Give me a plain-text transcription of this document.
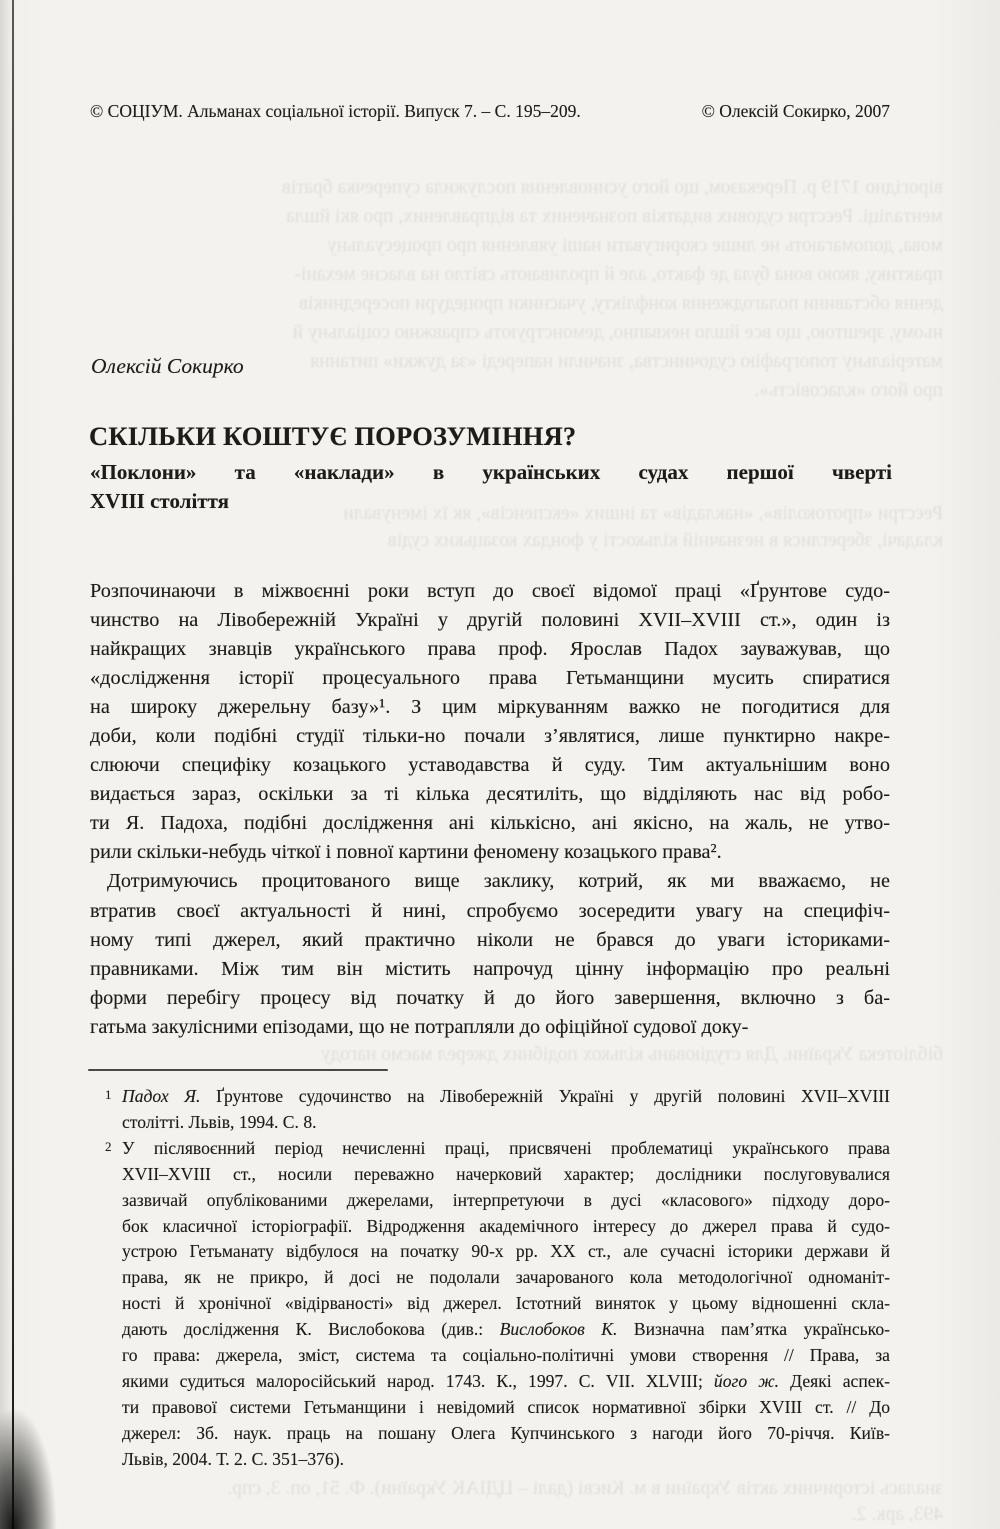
вірогідно 1719 р. Переказом, що його усиновлення послужила суперечка братів
менталіці. Реєстри судових видатків позначених та відправлених, про які йшла
мова, допомагають не лише скоригувати наші уявлення про процесуальну
практику, якою вона була де факто, але й проливають світло на власне механі-
дення обставини полагодження конфлікту, учасники процедури посередників
ньому, зрештою, що все йшло неквапно, демонструють справжню соціальну й
матеріальну топографію судочинства, значили напереді «за дужки» питання
про його «класовість».
Реєстри «протоколів», «накладів» та інших «експенсів», як їх іменували
кладачі, збереглися в незначній кількості у фондах козацьких судів
бібліотека України. Для студіювань кількох подібних джерел маємо нагоду
зналась історичних актів України в м. Києві (далі – ЦДІАК України). Ф. 51, оп. 3, спр.
493, арк. 2.
© СОЦІУМ. Альманах соціальної історії. Випуск 7. – С. 195–209.	© Олексій Сокирко, 2007
Олексій Сокирко
СКІЛЬКИ КОШТУЄ ПОРОЗУМІННЯ?
«Поклони» та «наклади» в українських судах першої чверті
XVIII століття
Розпочинаючи в міжвоєнні роки вступ до своєї відомої праці «Ґрунтове судо-
чинство на Лівобережній Україні у другій половині XVII–XVIII ст.», один із
найкращих знавців українського права проф. Ярослав Падох зауважував, що
«дослідження історії процесуального права Гетьманщини мусить спиратися
на широку джерельну базу»¹. З цим міркуванням важко не погодитися для
доби, коли подібні студії тільки-но почали з’являтися, лише пунктирно накре-
слюючи специфіку козацького уставодавства й суду. Тим актуальнішим воно
видається зараз, оскільки за ті кілька десятиліть, що відділяють нас від робо-
ти Я. Падоха, подібні дослідження ані кількісно, ані якісно, на жаль, не утво-
рили скільки-небудь чіткої і повної картини феномену козацького права².
Дотримуючись процитованого вище заклику, котрий, як ми вважаємо, не
втратив своєї актуальності й нині, спробуємо зосередити увагу на специфіч-
ному типі джерел, який практично ніколи не брався до уваги істориками-
правниками. Між тим він містить напрочуд цінну інформацію про реальні
форми перебігу процесу від початку й до його завершення, включно з ба-
гатьма закулісними епізодами, що не потрапляли до офіційної судової доку-
1 Падох Я. Ґрунтове судочинство на Лівобережній Україні у другій половині XVII–XVIII
столітті. Львів, 1994. С. 8.
2 У післявоєнний період нечисленні праці, присвячені проблематиці українського права
XVII–XVIII ст., носили переважно начерковий характер; дослідники послуговувалися
зазвичай опублікованими джерелами, інтерпретуючи в дусі «класового» підходу доро-
бок класичної історіографії. Відродження академічного інтересу до джерел права й судо-
устрою Гетьманату відбулося на початку 90-х рр. XX ст., але сучасні історики держави й
права, як не прикро, й досі не подолали зачарованого кола методологічної одноманіт-
ності й хронічної «відірваності» від джерел. Істотний виняток у цьому відношенні скла-
дають дослідження К. Вислобокова (див.: Вислобоков К. Визначна пам’ятка українсько-
го права: джерела, зміст, система та соціально-політичні умови створення // Права, за
якими судиться малоросійський народ. 1743. К., 1997. С. VII. XLVIII; його ж. Деякі аспек-
ти правової системи Гетьманщини і невідомий список нормативної збірки XVIII ст. // До
джерел: Зб. наук. праць на пошану Олега Купчинського з нагоди його 70-річчя. Київ-
Львів, 2004. Т. 2. С. 351–376).
